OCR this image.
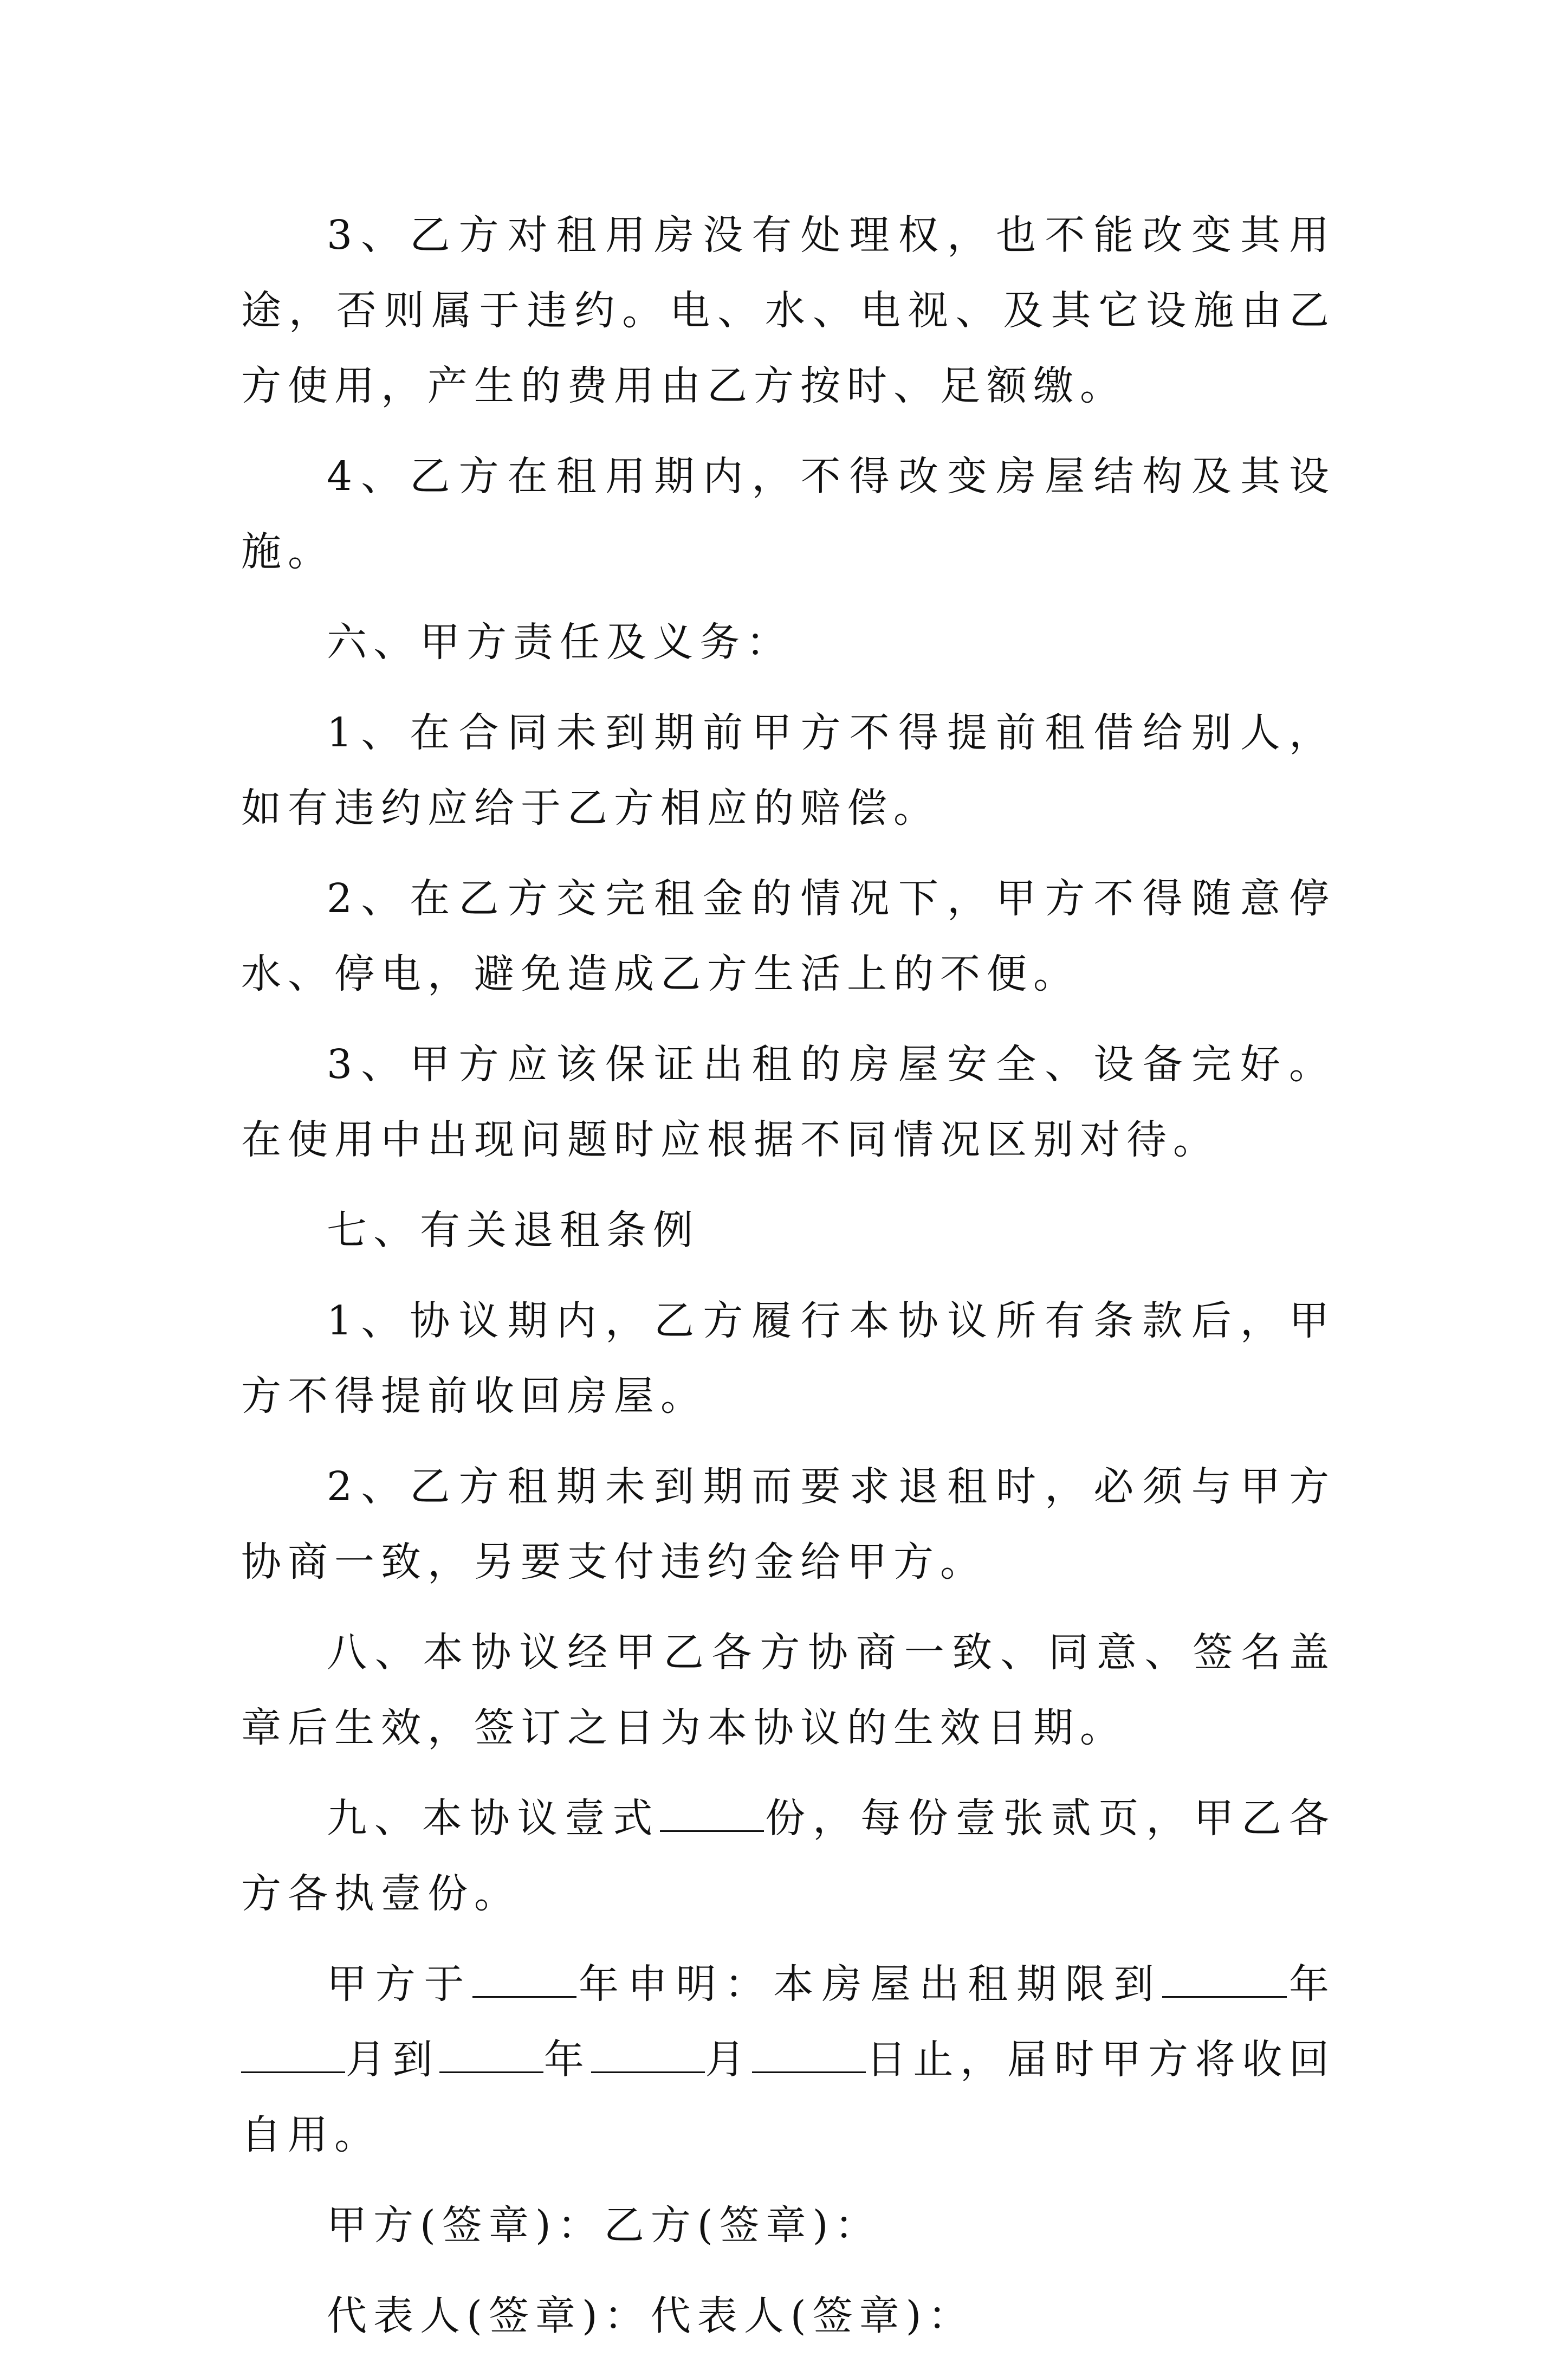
3、乙方对租用房没有处理权，也不能改变其用途，否则属于违约。电、水、电视、及其它设施由乙方使用，产生的费用由乙方按时、足额缴。

4、乙方在租用期内，不得改变房屋结构及其设施。

六、甲方责任及义务：

1、在合同未到期前甲方不得提前租借给别人，如有违约应给于乙方相应的赔偿。

2、在乙方交完租金的情况下，甲方不得随意停水、停电，避免造成乙方生活上的不便。

3、甲方应该保证出租的房屋安全、设备完好。在使用中出现问题时应根据不同情况区别对待。

七、有关退租条例

1、协议期内，乙方履行本协议所有条款后，甲方不得提前收回房屋。

2、乙方租期未到期而要求退租时，必须与甲方协商一致，另要支付违约金给甲方。

八、本协议经甲乙各方协商一致、同意、签名盖章后生效，签订之日为本协议的生效日期。

九、本协议壹式	份，每份壹张贰页，甲乙各方各执壹份。

甲方于	年申明：本房屋出租期限到	年月到	年	月	日止，届时甲方将收回自用。

甲方(签章)：乙方(签章)：

代表人(签章)：代表人(签章)：
